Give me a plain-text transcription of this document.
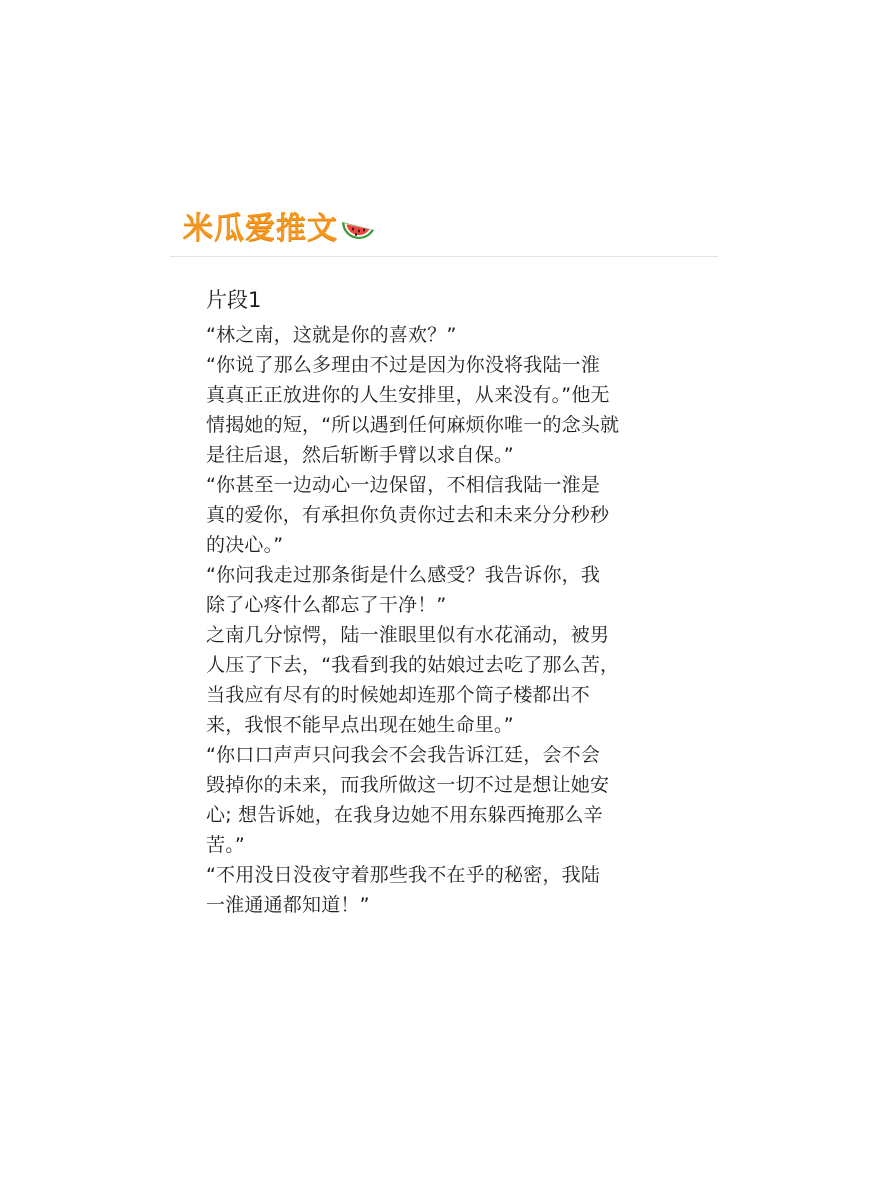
米瓜爱推文
片段1

“林之南，这就是你的喜欢？”

“你说了那么多理由不过是因为你没将我陆一淮
真真正正放进你的人生安排里，从来没有。”他无
情揭她的短，“所以遇到任何麻烦你唯一的念头就
是往后退，然后斩断手臂以求自保。”

“你甚至一边动心一边保留，不相信我陆一淮是
真的爱你，有承担你负责你过去和未来分分秒秒
的决心。”

“你问我走过那条街是什么感受？我告诉你，我
除了心疼什么都忘了干净！”

之南几分惊愕，陆一淮眼里似有水花涌动，被男
人压了下去，“我看到我的姑娘过去吃了那么苦，
当我应有尽有的时候她却连那个筒子楼都出不
来，我恨不能早点出现在她生命里。”

“你口口声声只问我会不会我告诉江廷，会不会
毁掉你的未来，而我所做这一切不过是想让她安
心; 想告诉她，在我身边她不用东躲西掩那么辛
苦。”

“不用没日没夜守着那些我不在乎的秘密，我陆
一淮通通都知道！”
